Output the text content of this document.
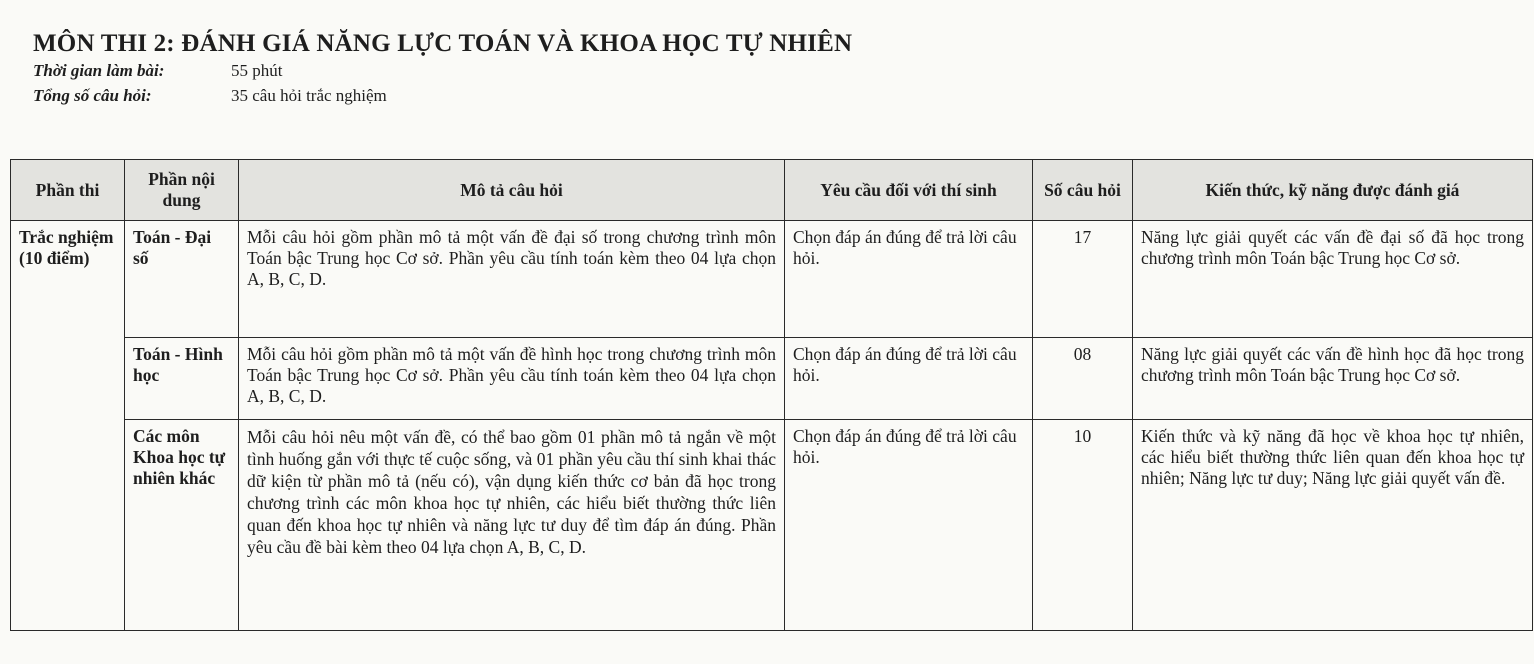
MÔN THI 2: ĐÁNH GIÁ NĂNG LỰC TOÁN VÀ KHOA HỌC TỰ NHIÊN
Thời gian làm bài:	55 phút
Tổng số câu hỏi:	35 câu hỏi trắc nghiệm
Phần thi	Phần nội dung	Mô tả câu hỏi	Yêu cầu đối với thí sinh	Số câu hỏi	Kiến thức, kỹ năng được đánh giá

Trắc nghiệm
(10 điểm)	Toán - Đại số	Mỗi câu hỏi gồm phần mô tả một vấn đề đại số trong chương trình môn Toán bậc Trung học Cơ sở. Phần yêu cầu tính toán kèm theo 04 lựa chọn A, B, C, D.	Chọn đáp án đúng để trả lời câu hỏi.	17	Năng lực giải quyết các vấn đề đại số đã học trong chương trình môn Toán bậc Trung học Cơ sở.
	Toán - Hình học	Mỗi câu hỏi gồm phần mô tả một vấn đề hình học trong chương trình môn Toán bậc Trung học Cơ sở. Phần yêu cầu tính toán kèm theo 04 lựa chọn A, B, C, D.	Chọn đáp án đúng để trả lời câu hỏi.	08	Năng lực giải quyết các vấn đề hình học đã học trong chương trình môn Toán bậc Trung học Cơ sở.
	Các môn Khoa học tự nhiên khác	Mỗi câu hỏi nêu một vấn đề, có thể bao gồm 01 phần mô tả ngắn về một tình huống gắn với thực tế cuộc sống, và 01 phần yêu cầu thí sinh khai thác dữ kiện từ phần mô tả (nếu có), vận dụng kiến thức cơ bản đã học trong chương trình các môn khoa học tự nhiên, các hiểu biết thường thức liên quan đến khoa học tự nhiên và năng lực tư duy để tìm đáp án đúng. Phần yêu cầu đề bài kèm theo 04 lựa chọn A, B, C, D.	Chọn đáp án đúng để trả lời câu hỏi.	10	Kiến thức và kỹ năng đã học về khoa học tự nhiên, các hiểu biết thường thức liên quan đến khoa học tự nhiên; Năng lực tư duy; Năng lực giải quyết vấn đề.
